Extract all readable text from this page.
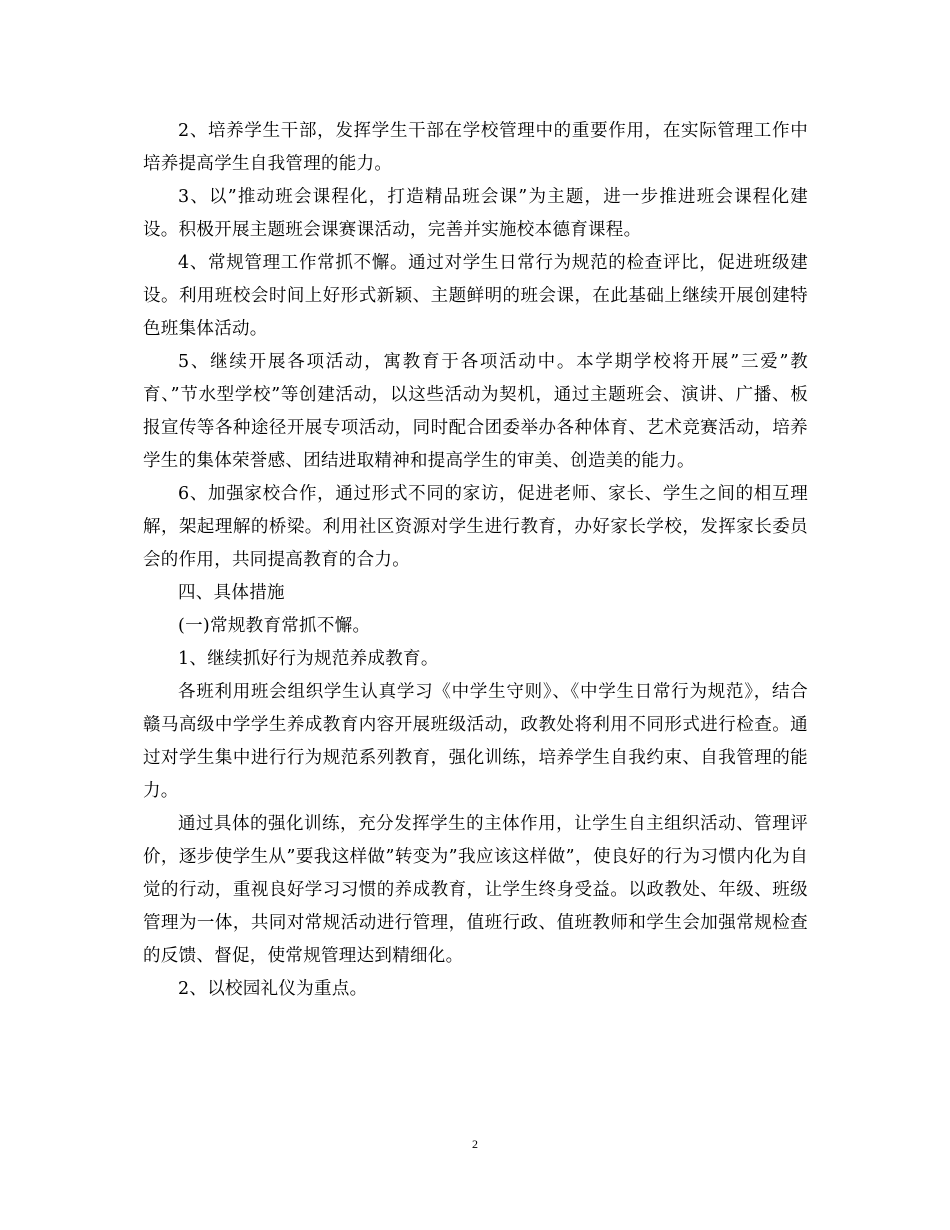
2、培养学生干部，发挥学生干部在学校管理中的重要作用，在实际管理工作中培养提高学生自我管理的能力。

3、以”推动班会课程化，打造精品班会课”为主题，进一步推进班会课程化建设。积极开展主题班会课赛课活动，完善并实施校本德育课程。

4、常规管理工作常抓不懈。通过对学生日常行为规范的检查评比，促进班级建设。利用班校会时间上好形式新颖、主题鲜明的班会课，在此基础上继续开展创建特色班集体活动。

5、继续开展各项活动，寓教育于各项活动中。本学期学校将开展”三爱”教育、”节水型学校”等创建活动，以这些活动为契机，通过主题班会、演讲、广播、板报宣传等各种途径开展专项活动，同时配合团委举办各种体育、艺术竞赛活动，培养学生的集体荣誉感、团结进取精神和提高学生的审美、创造美的能力。

6、加强家校合作，通过形式不同的家访，促进老师、家长、学生之间的相互理解，架起理解的桥梁。利用社区资源对学生进行教育，办好家长学校，发挥家长委员会的作用，共同提高教育的合力。

四、具体措施

(一)常规教育常抓不懈。

1、继续抓好行为规范养成教育。

各班利用班会组织学生认真学习《中学生守则》、《中学生日常行为规范》，结合赣马高级中学学生养成教育内容开展班级活动，政教处将利用不同形式进行检查。通过对学生集中进行行为规范系列教育，强化训练，培养学生自我约束、自我管理的能力。

通过具体的强化训练，充分发挥学生的主体作用，让学生自主组织活动、管理评价，逐步使学生从”要我这样做”转变为”我应该这样做”，使良好的行为习惯内化为自觉的行动，重视良好学习习惯的养成教育，让学生终身受益。以政教处、年级、班级管理为一体，共同对常规活动进行管理，值班行政、值班教师和学生会加强常规检查的反馈、督促，使常规管理达到精细化。

2、以校园礼仪为重点。

2
